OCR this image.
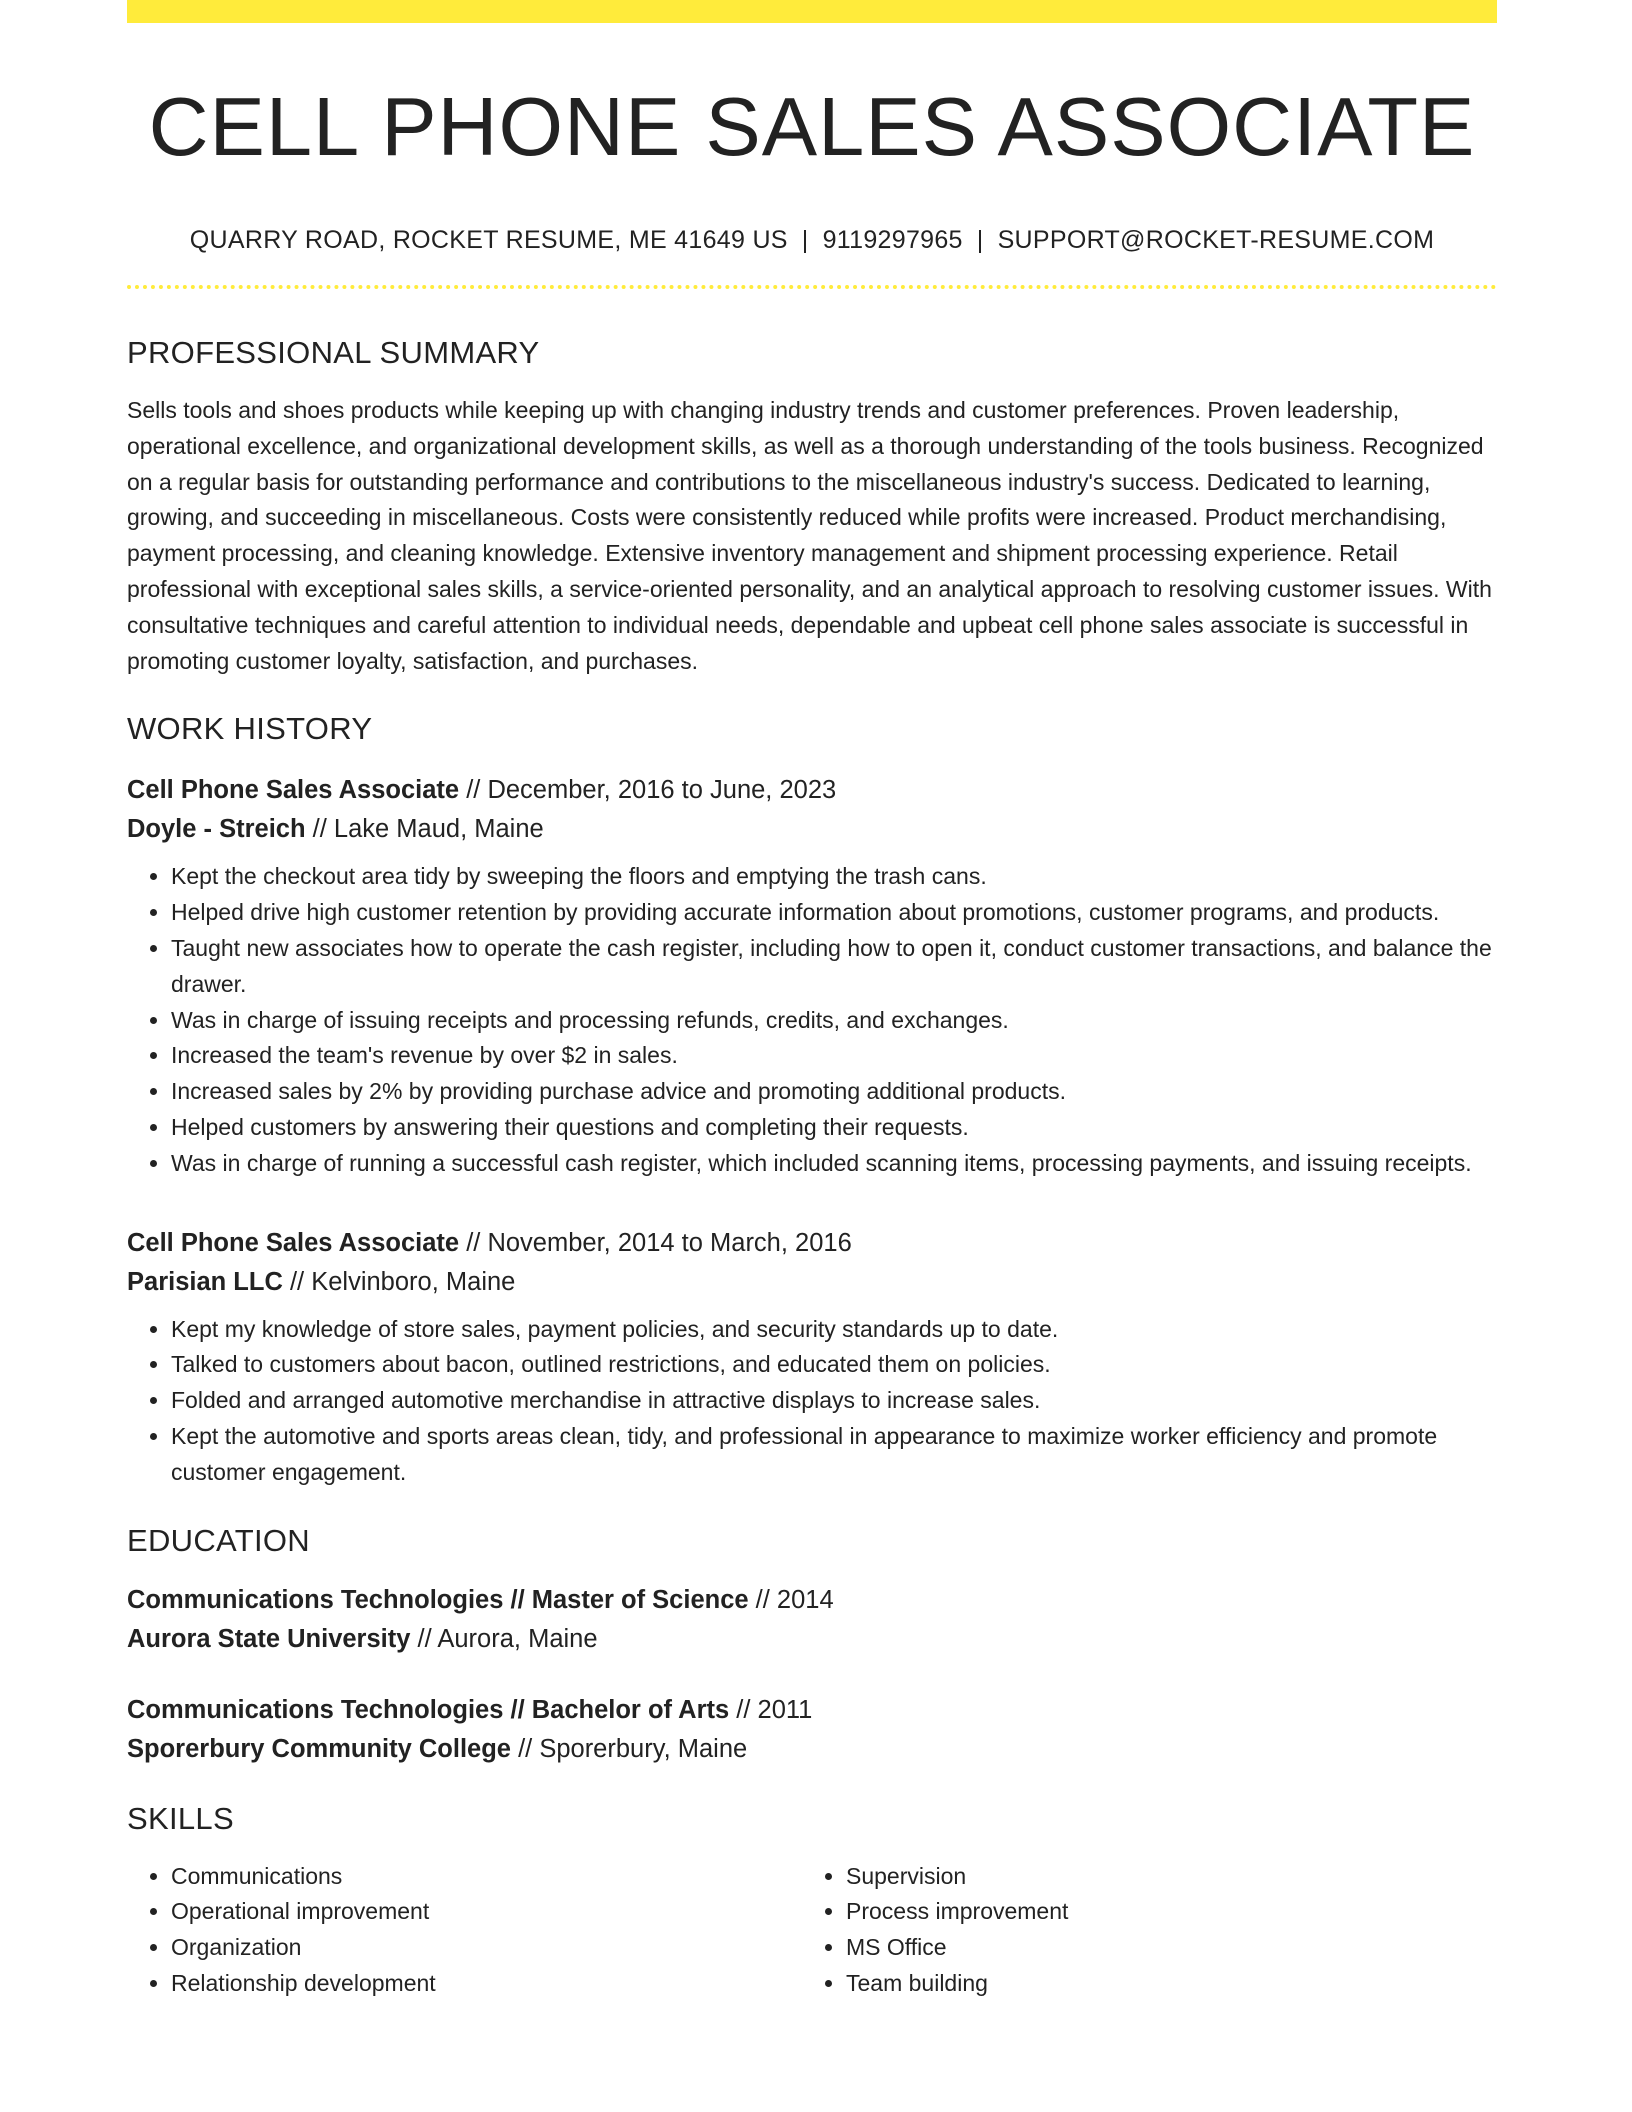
CELL PHONE SALES ASSOCIATE
QUARRY ROAD, ROCKET RESUME, ME 41649 US | 9119297965 | SUPPORT@ROCKET-RESUME.COM
PROFESSIONAL SUMMARY
Sells tools and shoes products while keeping up with changing industry trends and customer preferences. Proven leadership, operational excellence, and organizational development skills, as well as a thorough understanding of the tools business. Recognized on a regular basis for outstanding performance and contributions to the miscellaneous industry's success. Dedicated to learning, growing, and succeeding in miscellaneous. Costs were consistently reduced while profits were increased. Product merchandising, payment processing, and cleaning knowledge. Extensive inventory management and shipment processing experience. Retail professional with exceptional sales skills, a service-oriented personality, and an analytical approach to resolving customer issues. With consultative techniques and careful attention to individual needs, dependable and upbeat cell phone sales associate is successful in promoting customer loyalty, satisfaction, and purchases.
WORK HISTORY
Cell Phone Sales Associate // December, 2016 to June, 2023
Doyle - Streich // Lake Maud, Maine
• Kept the checkout area tidy by sweeping the floors and emptying the trash cans.
• Helped drive high customer retention by providing accurate information about promotions, customer programs, and products.
• Taught new associates how to operate the cash register, including how to open it, conduct customer transactions, and balance the drawer.
• Was in charge of issuing receipts and processing refunds, credits, and exchanges.
• Increased the team's revenue by over $2 in sales.
• Increased sales by 2% by providing purchase advice and promoting additional products.
• Helped customers by answering their questions and completing their requests.
• Was in charge of running a successful cash register, which included scanning items, processing payments, and issuing receipts.
Cell Phone Sales Associate // November, 2014 to March, 2016
Parisian LLC // Kelvinboro, Maine
• Kept my knowledge of store sales, payment policies, and security standards up to date.
• Talked to customers about bacon, outlined restrictions, and educated them on policies.
• Folded and arranged automotive merchandise in attractive displays to increase sales.
• Kept the automotive and sports areas clean, tidy, and professional in appearance to maximize worker efficiency and promote customer engagement.
EDUCATION
Communications Technologies // Master of Science // 2014
Aurora State University // Aurora, Maine
Communications Technologies // Bachelor of Arts // 2011
Sporerbury Community College // Sporerbury, Maine
SKILLS
• Communications
• Operational improvement
• Organization
• Relationship development
• Supervision
• Process improvement
• MS Office
• Team building
